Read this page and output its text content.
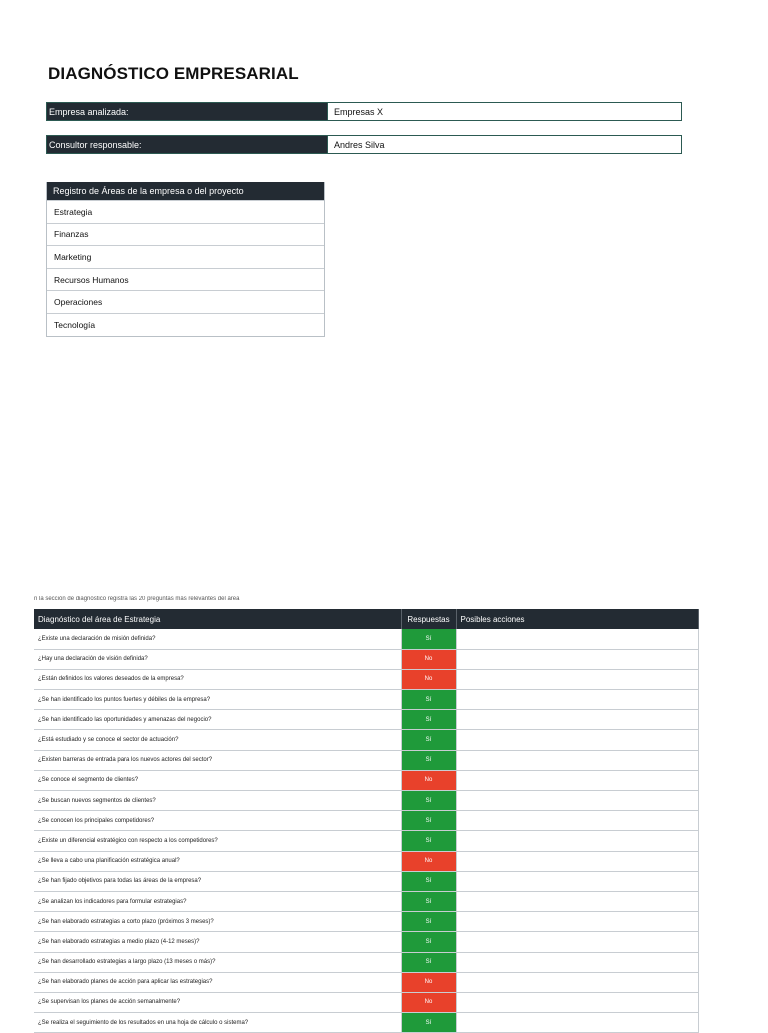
DIAGNÓSTICO EMPRESARIAL
Empresa analizada:	Empresas X
Consultor responsable:	Andres Silva
Registro de Áreas de la empresa o del proyecto
Estrategia
Finanzas
Marketing
Recursos Humanos
Operaciones
Tecnología
n la sección de diagnóstico registra las 20 preguntas más relevantes del área
Diagnóstico del área de Estrategia	Respuestas	Posibles acciones
¿Existe una declaración de misión definida?	Sí	
¿Hay una declaración de visión definida?	No	
¿Están definidos los valores deseados de la empresa?	No	
¿Se han identificado los puntos fuertes y débiles de la empresa?	Sí	
¿Se han identificado las oportunidades y amenazas del negocio?	Sí	
¿Está estudiado y se conoce el sector de actuación?	Sí	
¿Existen barreras de entrada para los nuevos actores del sector?	Sí	
¿Se conoce el segmento de clientes?	No	
¿Se buscan nuevos segmentos de clientes?	Sí	
¿Se conocen los principales competidores?	Sí	
¿Existe un diferencial estratégico con respecto a los competidores?	Sí	
¿Se lleva a cabo una planificación estratégica anual?	No	
¿Se han fijado objetivos para todas las áreas de la empresa?	Sí	
¿Se analizan los indicadores para formular estrategias?	Sí	
¿Se han elaborado estrategias a corto plazo (próximos 3 meses)?	Sí	
¿Se han elaborado estrategias a medio plazo (4-12 meses)?	Sí	
¿Se han desarrollado estrategias a largo plazo (13 meses o más)?	Sí	
¿Se han elaborado planes de acción para aplicar las estrategias?	No	
¿Se supervisan los planes de acción semanalmente?	No	
¿Se realiza el seguimiento de los resultados en una hoja de cálculo o sistema?	Sí	
